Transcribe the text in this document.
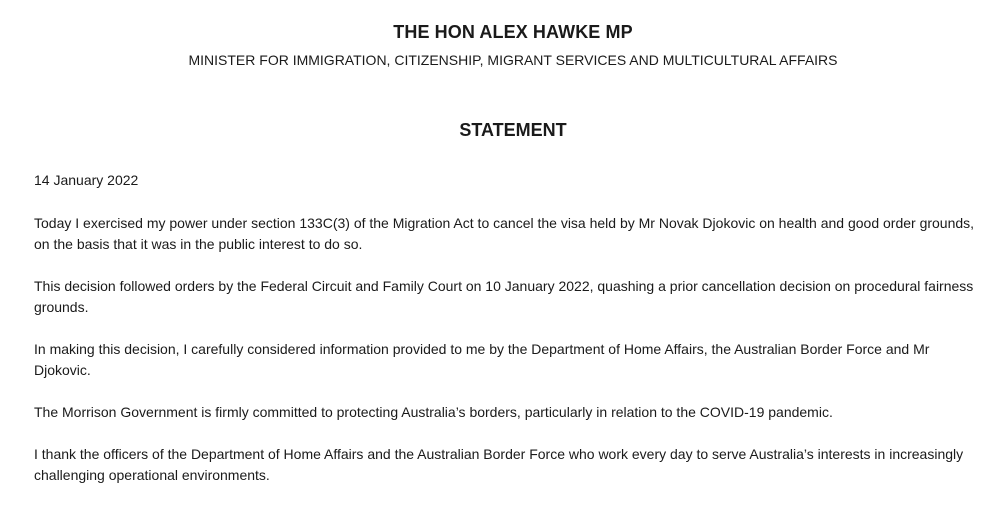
THE HON ALEX HAWKE MP
MINISTER FOR IMMIGRATION, CITIZENSHIP, MIGRANT SERVICES AND MULTICULTURAL AFFAIRS
STATEMENT

14 January 2022

Today I exercised my power under section 133C(3) of the Migration Act to cancel the visa held by Mr Novak Djokovic on health and good order grounds, on the basis that it was in the public interest to do so.

This decision followed orders by the Federal Circuit and Family Court on 10 January 2022, quashing a prior cancellation decision on procedural fairness grounds.

In making this decision, I carefully considered information provided to me by the Department of Home Affairs, the Australian Border Force and Mr Djokovic.

The Morrison Government is firmly committed to protecting Australia’s borders, particularly in relation to the COVID-19 pandemic.

I thank the officers of the Department of Home Affairs and the Australian Border Force who work every day to serve Australia’s interests in increasingly challenging operational environments.
